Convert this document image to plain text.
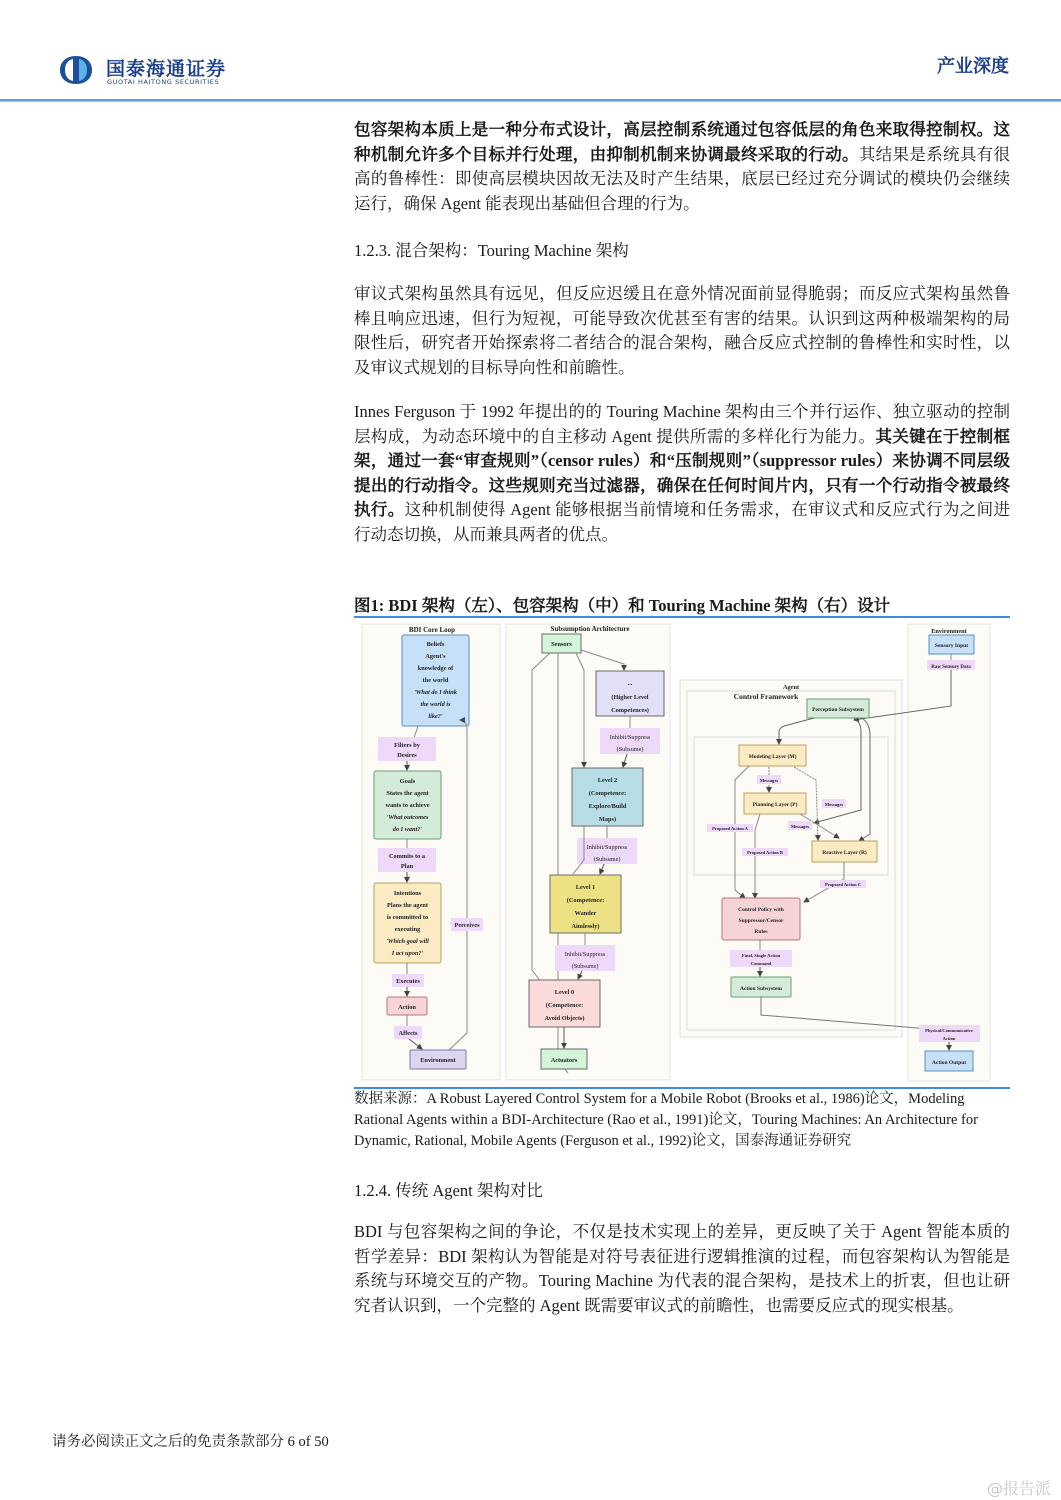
国泰海通证券
GUOTAI HAITONG SECURITIES
产业深度

包容架构本质上是一种分布式设计，高层控制系统通过包容低层的角色来取得控制权。这种机制允许多个目标并行处理，由抑制机制来协调最终采取的行动。其结果是系统具有很高的鲁棒性：即使高层模块因故无法及时产生结果，底层已经过充分调试的模块仍会继续运行，确保 Agent 能表现出基础但合理的行为。

1.2.3. 混合架构：Touring Machine 架构

审议式架构虽然具有远见，但反应迟缓且在意外情况面前显得脆弱；而反应式架构虽然鲁棒且响应迅速，但行为短视，可能导致次优甚至有害的结果。认识到这两种极端架构的局限性后，研究者开始探索将二者结合的混合架构，融合反应式控制的鲁棒性和实时性，以及审议式规划的目标导向性和前瞻性。

Innes Ferguson 于 1992 年提出的的 Touring Machine 架构由三个并行运作、独立驱动的控制层构成，为动态环境中的自主移动 Agent 提供所需的多样化行为能力。其关键在于控制框架，通过一套“审查规则”（censor rules）和“压制规则”（suppressor rules）来协调不同层级提出的行动指令。这些规则充当过滤器，确保在任何时间片内，只有一个行动指令被最终执行。这种机制使得 Agent 能够根据当前情境和任务需求，在审议式和反应式行为之间进行动态切换，从而兼具两者的优点。

图1: BDI 架构（左）、包容架构（中）和 Touring Machine 架构（右）设计
BDI Core Loop
Beliefs
Agent's
knowledge of
the world
'What do I think
the world is
like?'
Filters by
Desires
Goals
States the agent
wants to achieve
'What outcomes
do I want?'
Commits to a
Plan
Intentions
Plans the agent
is committed to
executing
'Which goal will
I act upon?'
Executes
Action
Affects
Environment
Perceives
Subsumption Architecture
Sensors
...
(Higher Level
Competences)
Inhibit/Suppress
(Subsume)
Level 2
(Competence:
Explore/Build
Maps)
Inhibit/Suppress
(Subsume)
Level 1
(Competence:
Wander
Aimlessly)
Inhibit/Suppress
(Subsume)
Level 0
(Competence:
Avoid Objects)
Actuators
Agent
Control Framework
Environment
Sensory Input
Raw Sensory Data
Perception Subsystem
Modeling Layer (M)
Messages
Planning Layer (P)	Messages
Messages
Reactive Layer (R)
Proposed Action A
Proposed Action B
Proposed Action C
Control Policy with
Suppressor/Censor
Rules
Final, Single Action
Command
Action Subsystem
Physical/Communicative
Action
Action Output
数据来源：A Robust Layered Control System for a Mobile Robot (Brooks et al., 1986)论文，Modeling Rational Agents within a BDI-Architecture (Rao et al., 1991)论文，Touring Machines: An Architecture for Dynamic, Rational, Mobile Agents (Ferguson et al., 1992)论文，国泰海通证券研究
1.2.4. 传统 Agent 架构对比

BDI 与包容架构之间的争论，不仅是技术实现上的差异，更反映了关于 Agent 智能本质的哲学差异：BDI 架构认为智能是对符号表征进行逻辑推演的过程，而包容架构认为智能是系统与环境交互的产物。Touring Machine 为代表的混合架构，是技术上的折衷，但也让研究者认识到，一个完整的 Agent 既需要审议式的前瞻性，也需要反应式的现实根基。

请务必阅读正文之后的免责条款部分 6 of 50
@报告派
